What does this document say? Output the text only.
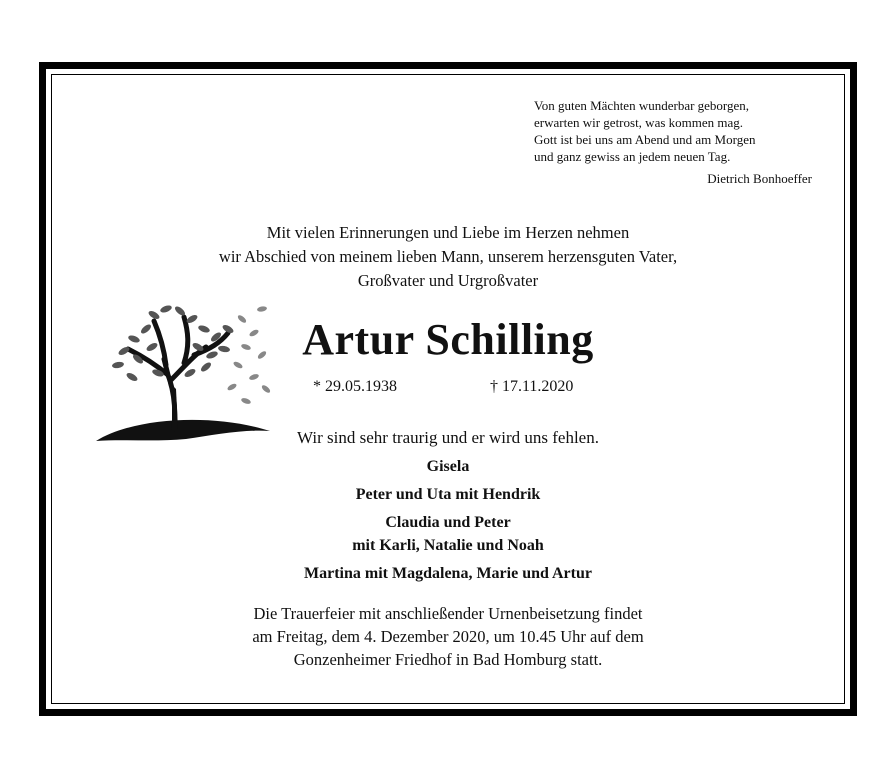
Von guten Mächten wunderbar geborgen,
erwarten wir getrost, was kommen mag.
Gott ist bei uns am Abend und am Morgen
und ganz gewiss an jedem neuen Tag.
Dietrich Bonhoeffer
Mit vielen Erinnerungen und Liebe im Herzen nehmen
wir Abschied von meinem lieben Mann, unserem herzensguten Vater,
Großvater und Urgroßvater
Artur Schilling
* 29.05.1938	† 17.11.2020
Wir sind sehr traurig und er wird uns fehlen.
Gisela
Peter und Uta mit Hendrik
Claudia und Peter
mit Karli, Natalie und Noah
Martina mit Magdalena, Marie und Artur
Die Trauerfeier mit anschließender Urnenbeisetzung findet
am Freitag, dem 4. Dezember 2020, um 10.45 Uhr auf dem
Gonzenheimer Friedhof in Bad Homburg statt.
